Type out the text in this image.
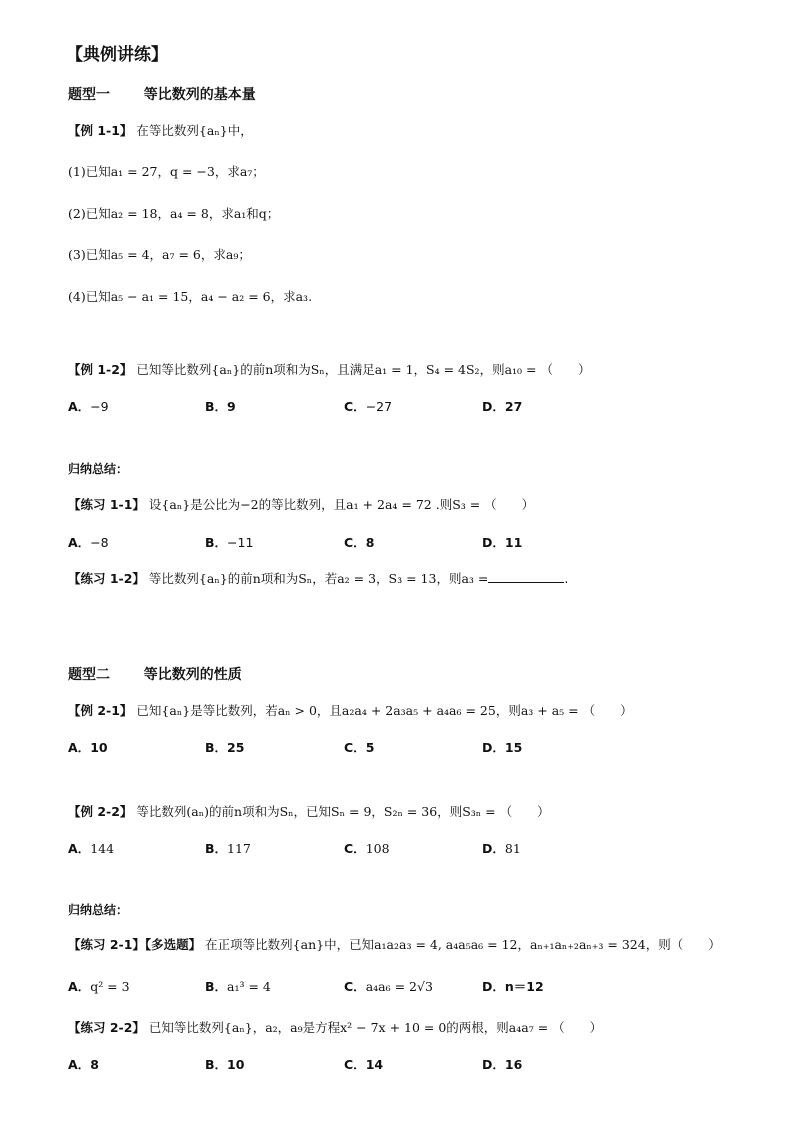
【典例讲练】
题型一 等比数列的基本量
【例 1-1】 在等比数列{aₙ}中，
(1)已知a₁ = 27，q = −3，求a₇；
(2)已知a₂ = 18，a₄ = 8，求a₁和q；
(3)已知a₅ = 4，a₇ = 6，求a₉；
(4)已知a₅ − a₁ = 15，a₄ − a₂ = 6，求a₃.
【例 1-2】 已知等比数列{aₙ}的前n项和为Sₙ，且满足a₁ = 1，S₄ = 4S₂，则a₁₀ = （　　）
A．−9	B．9	C．−27	D．27
归纳总结：
【练习 1-1】 设{aₙ}是公比为−2的等比数列，且a₁ + 2a₄ = 72 .则S₃ = （　　）
A．−8	B．−11	C．8	D．11
【练习 1-2】 等比数列{aₙ}的前n项和为Sₙ，若a₂ = 3，S₃ = 13，则a₃ =	.
题型二 等比数列的性质
【例 2-1】 已知{aₙ}是等比数列，若aₙ > 0，且a₂a₄ + 2a₃a₅ + a₄a₆ = 25，则a₃ + a₅ = （　　）
A．10	B．25	C．5	D．15
【例 2-2】 等比数列(aₙ)的前n项和为Sₙ，已知Sₙ = 9，S₂ₙ = 36，则S₃ₙ = （　　）
A．144	B．117	C．108	D．81
归纳总结：
【练习 2-1】【多选题】 在正项等比数列{an}中，已知a₁a₂a₃ = 4, a₄a₅a₆ = 12，aₙ₊₁aₙ₊₂aₙ₊₃ = 324，则（　　）
A．q² = 3	B．a₁³ = 4	C．a₄a₆ = 2√3	D．n＝12
【练习 2-2】 已知等比数列{aₙ}，a₂，a₉是方程x² − 7x + 10 = 0的两根，则a₄a₇ = （　　）
A．8	B．10	C．14	D．16
